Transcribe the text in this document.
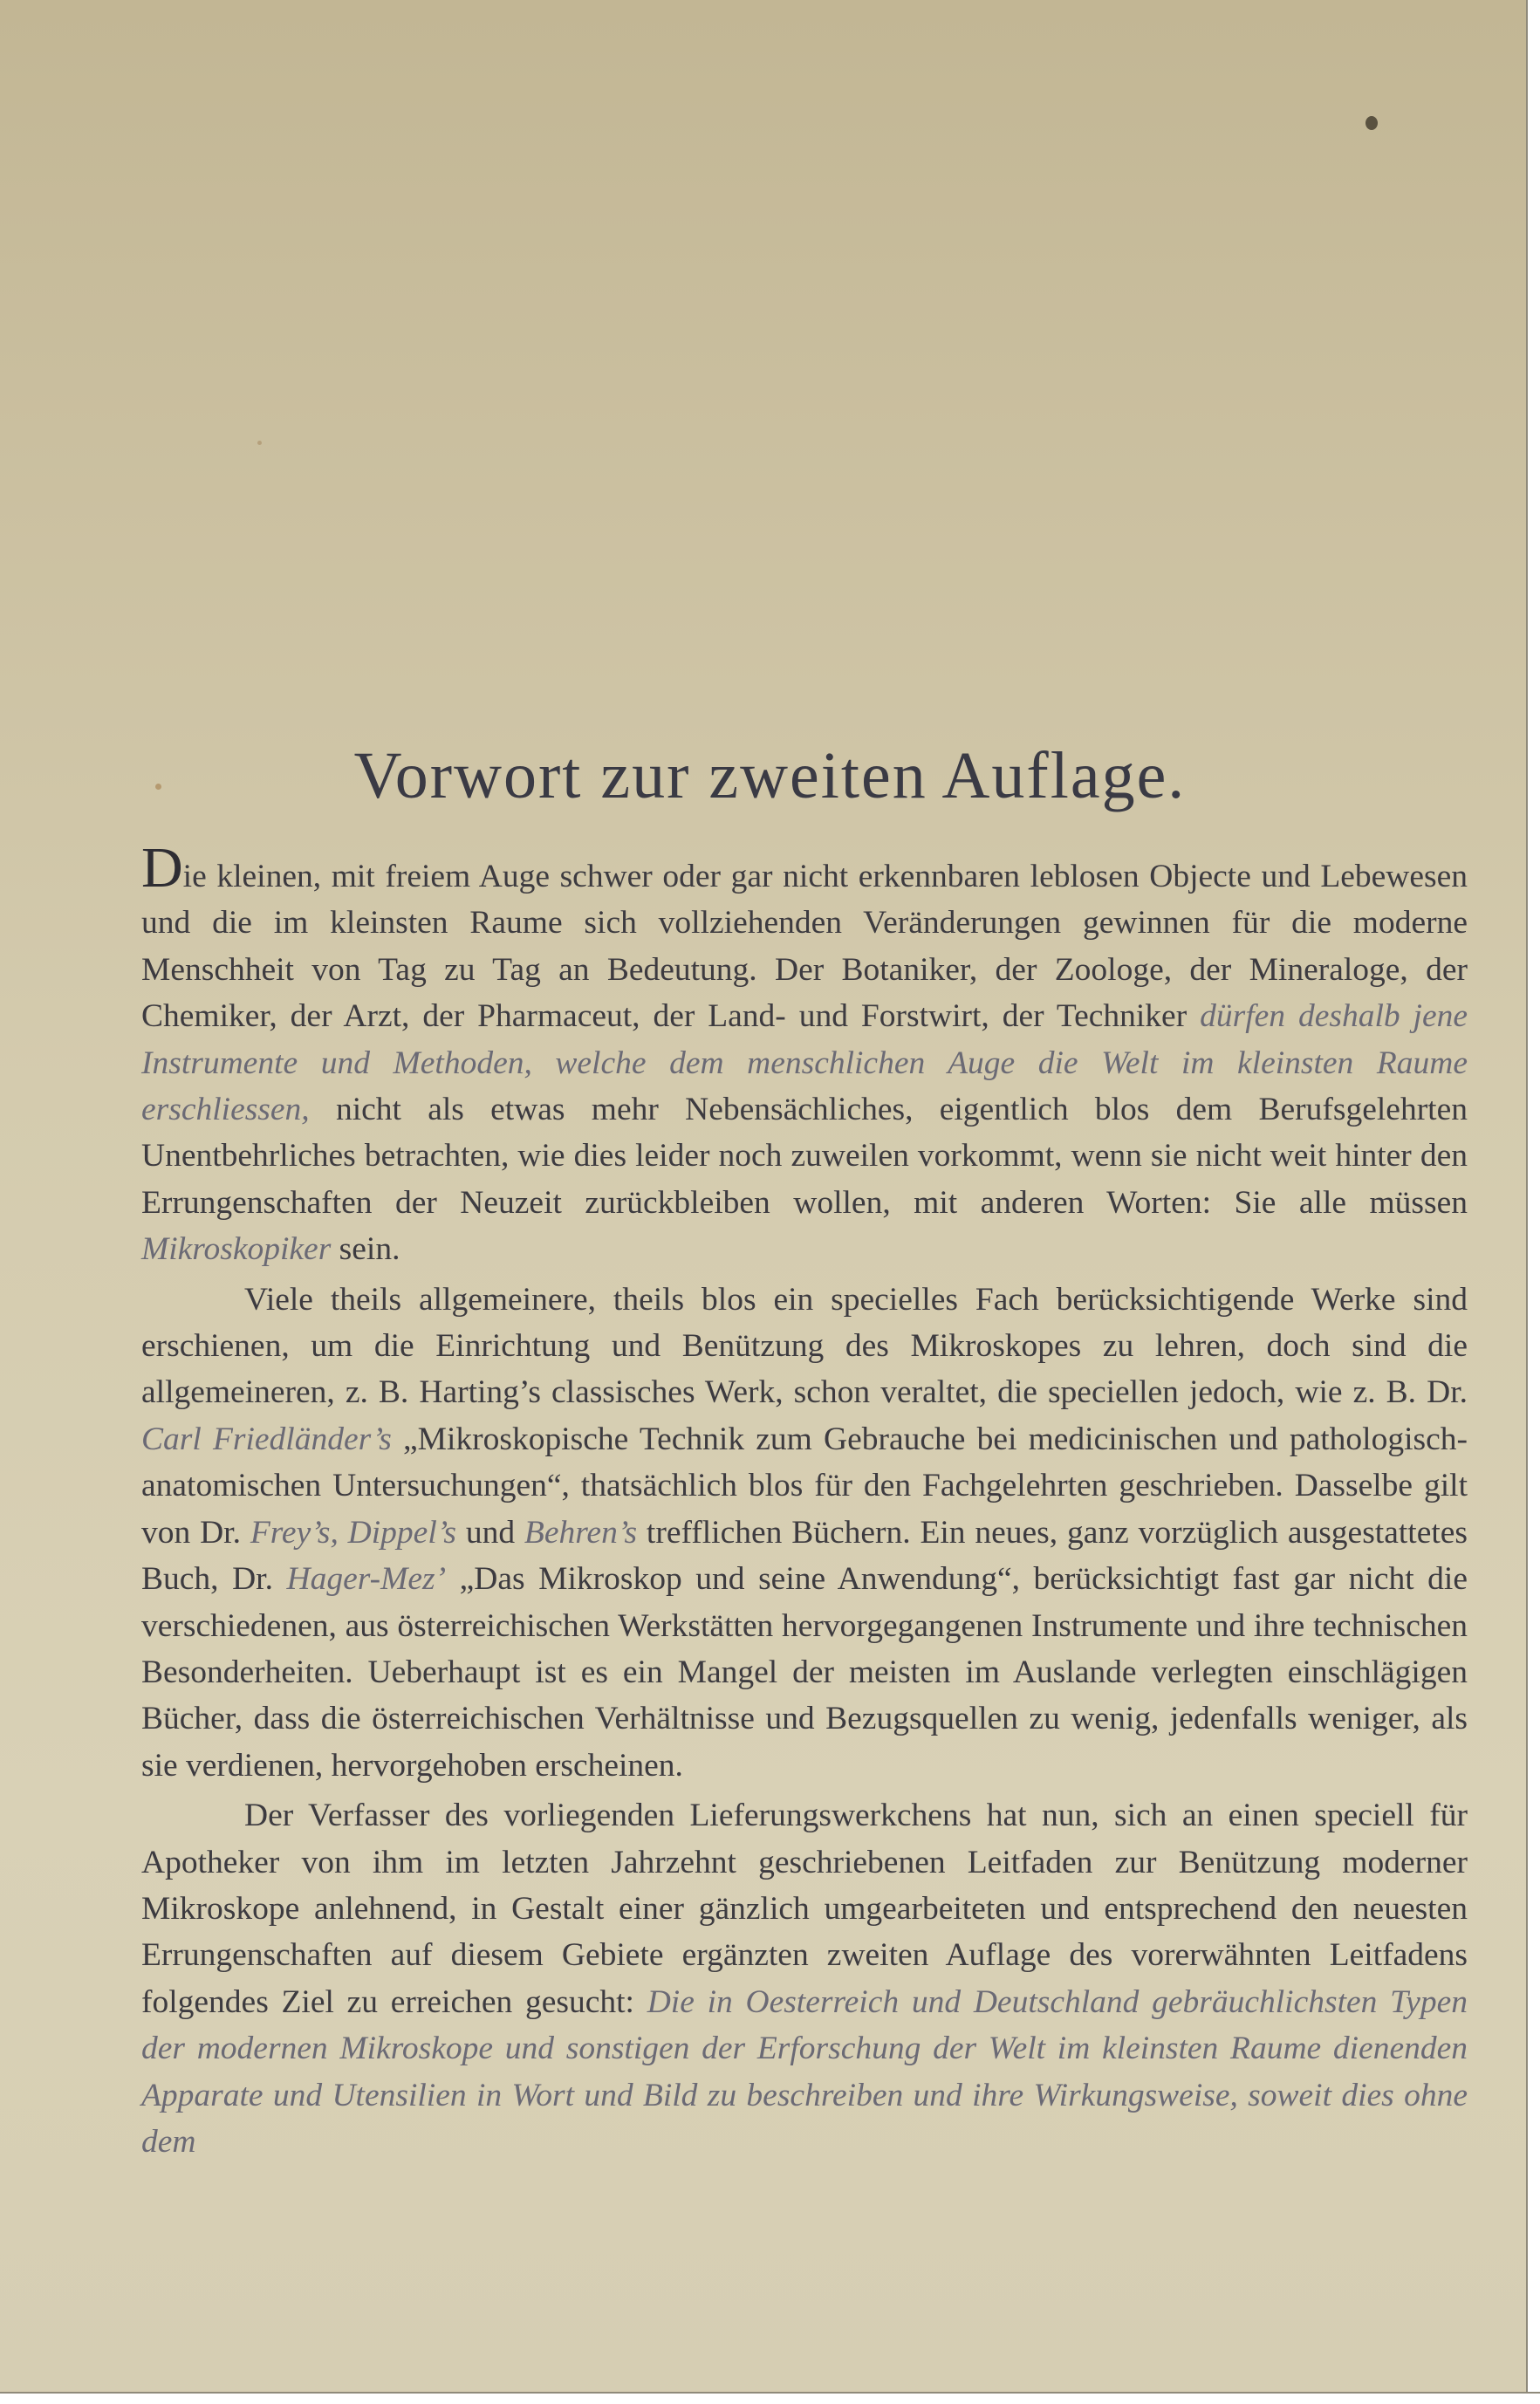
Vorwort zur zweiten Auflage.

Die kleinen, mit freiem Auge schwer oder gar nicht erkennbaren leblosen Objecte und Lebewesen und die im kleinsten Raume sich vollziehenden Veränderungen gewinnen für die moderne Menschheit von Tag zu Tag an Bedeutung. Der Botaniker, der Zoologe, der Mineraloge, der Chemiker, der Arzt, der Pharmaceut, der Land- und Forstwirt, der Techniker dürfen deshalb jene Instrumente und Methoden, welche dem menschlichen Auge die Welt im kleinsten Raume erschliessen, nicht als etwas mehr Nebensächliches, eigentlich blos dem Berufsgelehrten Unentbehrliches betrachten, wie dies leider noch zuweilen vorkommt, wenn sie nicht weit hinter den Errungenschaften der Neuzeit zurückbleiben wollen, mit anderen Worten: Sie alle müssen Mikroskopiker sein.

Viele theils allgemeinere, theils blos ein specielles Fach berücksichtigende Werke sind erschienen, um die Einrichtung und Benützung des Mikroskopes zu lehren, doch sind die allgemeineren, z. B. Harting’s classisches Werk, schon veraltet, die speciellen jedoch, wie z. B. Dr. Carl Friedländer’s „Mikroskopische Technik zum Gebrauche bei medicinischen und pathologisch-anatomischen Untersuchungen“, thatsächlich blos für den Fachgelehrten geschrieben. Dasselbe gilt von Dr. Frey’s, Dippel’s und Behren’s trefflichen Büchern. Ein neues, ganz vorzüglich ausgestattetes Buch, Dr. Hager-Mez’ „Das Mikroskop und seine Anwendung“, berücksichtigt fast gar nicht die verschiedenen, aus österreichischen Werkstätten hervorgegangenen Instrumente und ihre technischen Besonderheiten. Ueberhaupt ist es ein Mangel der meisten im Auslande verlegten einschlägigen Bücher, dass die österreichischen Verhältnisse und Bezugsquellen zu wenig, jedenfalls weniger, als sie verdienen, hervorgehoben erscheinen.

Der Verfasser des vorliegenden Lieferungswerkchens hat nun, sich an einen speciell für Apotheker von ihm im letzten Jahrzehnt geschriebenen Leitfaden zur Benützung moderner Mikroskope anlehnend, in Gestalt einer gänzlich umgearbeiteten und entsprechend den neuesten Errungenschaften auf diesem Gebiete ergänzten zweiten Auflage des vorerwähnten Leitfadens folgendes Ziel zu erreichen gesucht: Die in Oesterreich und Deutschland gebräuchlichsten Typen der modernen Mikroskope und sonstigen der Erforschung der Welt im kleinsten Raume dienenden Apparate und Utensilien in Wort und Bild zu beschreiben und ihre Wirkungsweise, soweit dies ohne dem
